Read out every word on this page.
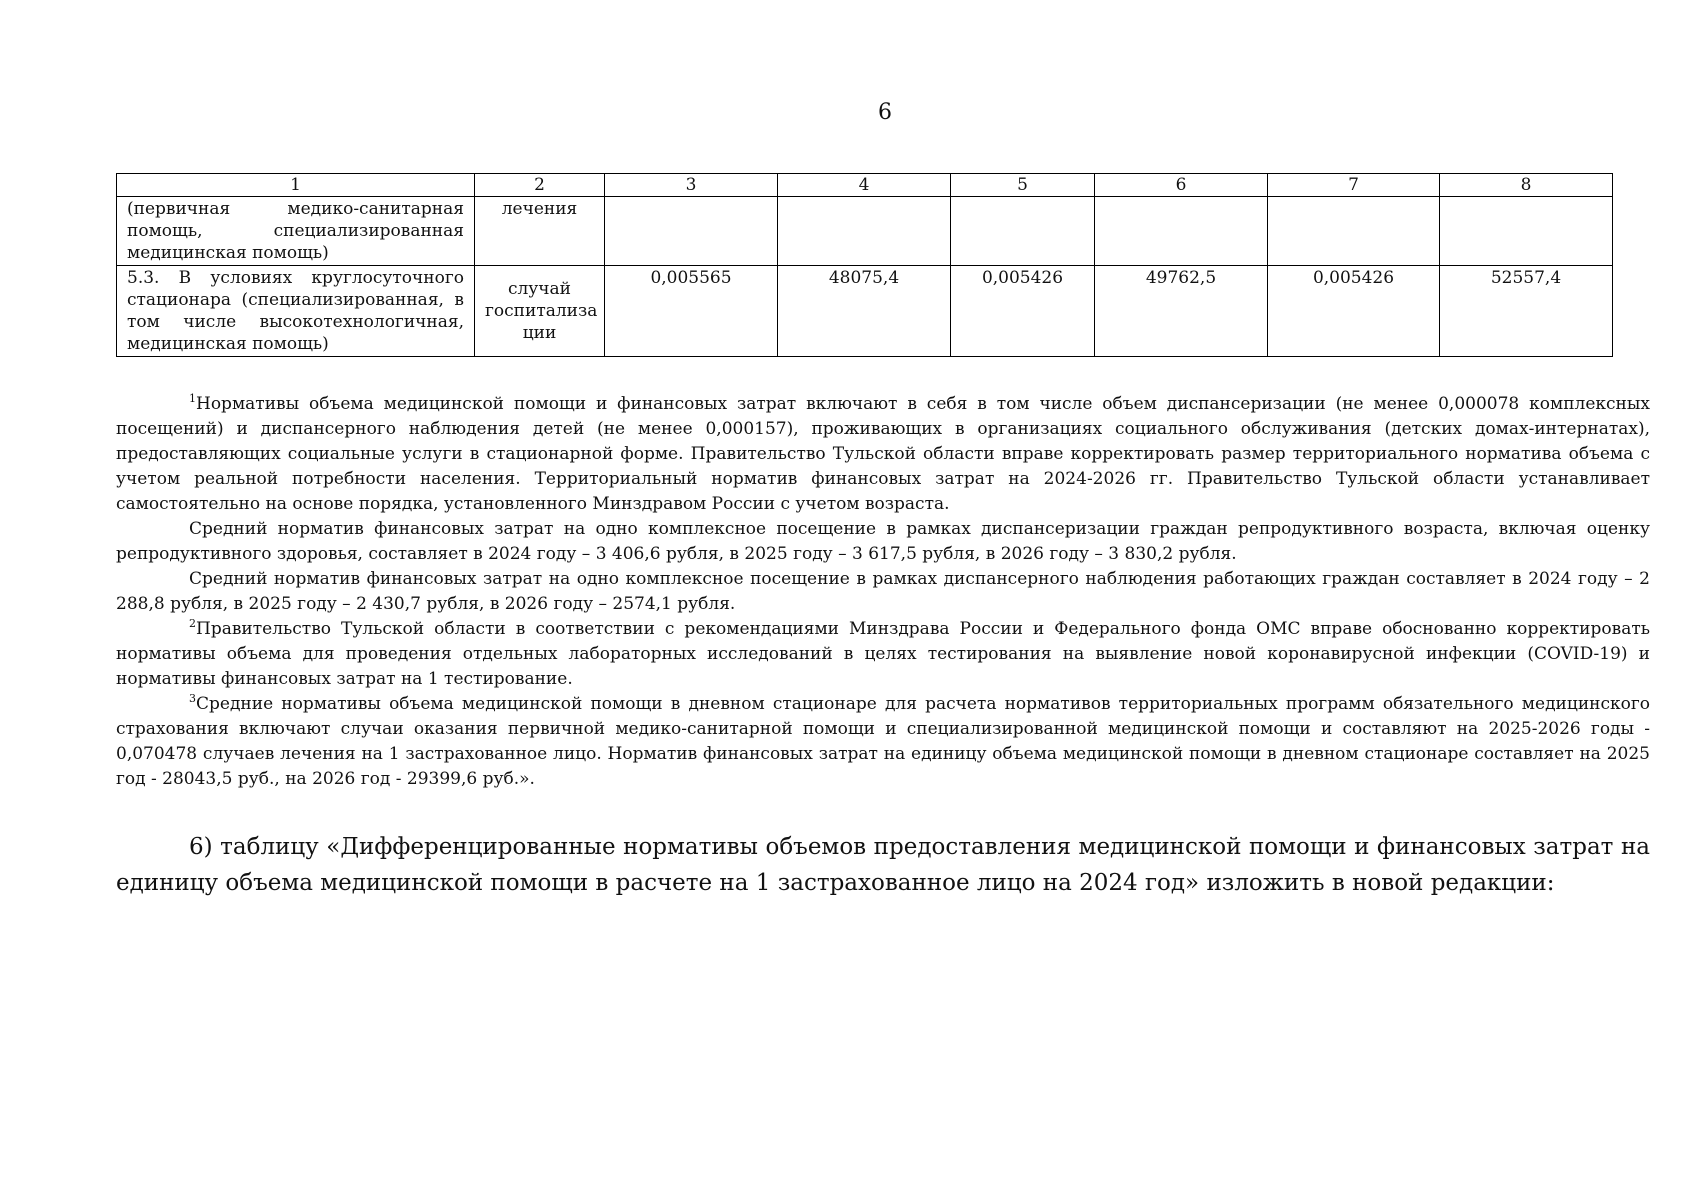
6
1	2	3	4	5	6	7	8
(первичная медико-санитарная помощь, специализированная медицинская помощь)	лечения						
5.3. В условиях круглосуточного стационара (специализированная, в том числе высокотехнологичная, медицинская помощь)	случай госпитализа ции	0,005565	48075,4	0,005426	49762,5	0,005426	52557,4

$^1$Нормативы объема медицинской помощи и финансовых затрат включают в себя в том числе объем диспансеризации (не менее 0,000078 комплексных посещений) и диспансерного наблюдения детей (не менее 0,000157), проживающих в организациях социального обслуживания (детских домах-интернатах), предоставляющих социальные услуги в стационарной форме. Правительство Тульской области вправе корректировать размер территориального норматива объема с учетом реальной потребности населения. Территориальный норматив финансовых затрат на 2024-2026 гг. Правительство Тульской области устанавливает самостоятельно на основе порядка, установленного Минздравом России с учетом возраста.

Средний норматив финансовых затрат на одно комплексное посещение в рамках диспансеризации граждан репродуктивного возраста, включая оценку репродуктивного здоровья, составляет в 2024 году – 3 406,6 рубля, в 2025 году – 3 617,5 рубля, в 2026 году – 3 830,2 рубля.

Средний норматив финансовых затрат на одно комплексное посещение в рамках диспансерного наблюдения работающих граждан составляет в 2024 году – 2 288,8 рубля, в 2025 году – 2 430,7 рубля, в 2026 году – 2574,1 рубля.

$^2$Правительство Тульской области в соответствии с рекомендациями Минздрава России и Федерального фонда ОМС вправе обоснованно корректировать нормативы объема для проведения отдельных лабораторных исследований в целях тестирования на выявление новой коронавирусной инфекции (COVID-19) и нормативы финансовых затрат на 1 тестирование.

$^3$Средние нормативы объема медицинской помощи в дневном стационаре для расчета нормативов территориальных программ обязательного медицинского страхования включают случаи оказания первичной медико-санитарной помощи и специализированной медицинской помощи и составляют на 2025-2026 годы - 0,070478 случаев лечения на 1 застрахованное лицо. Норматив финансовых затрат на единицу объема медицинской помощи в дневном стационаре составляет на 2025 год - 28043,5 руб., на 2026 год - 29399,6 руб.».

6) таблицу «Дифференцированные нормативы объемов предоставления медицинской помощи и финансовых затрат на единицу объема медицинской помощи в расчете на 1 застрахованное лицо на 2024 год» изложить в новой редакции:
